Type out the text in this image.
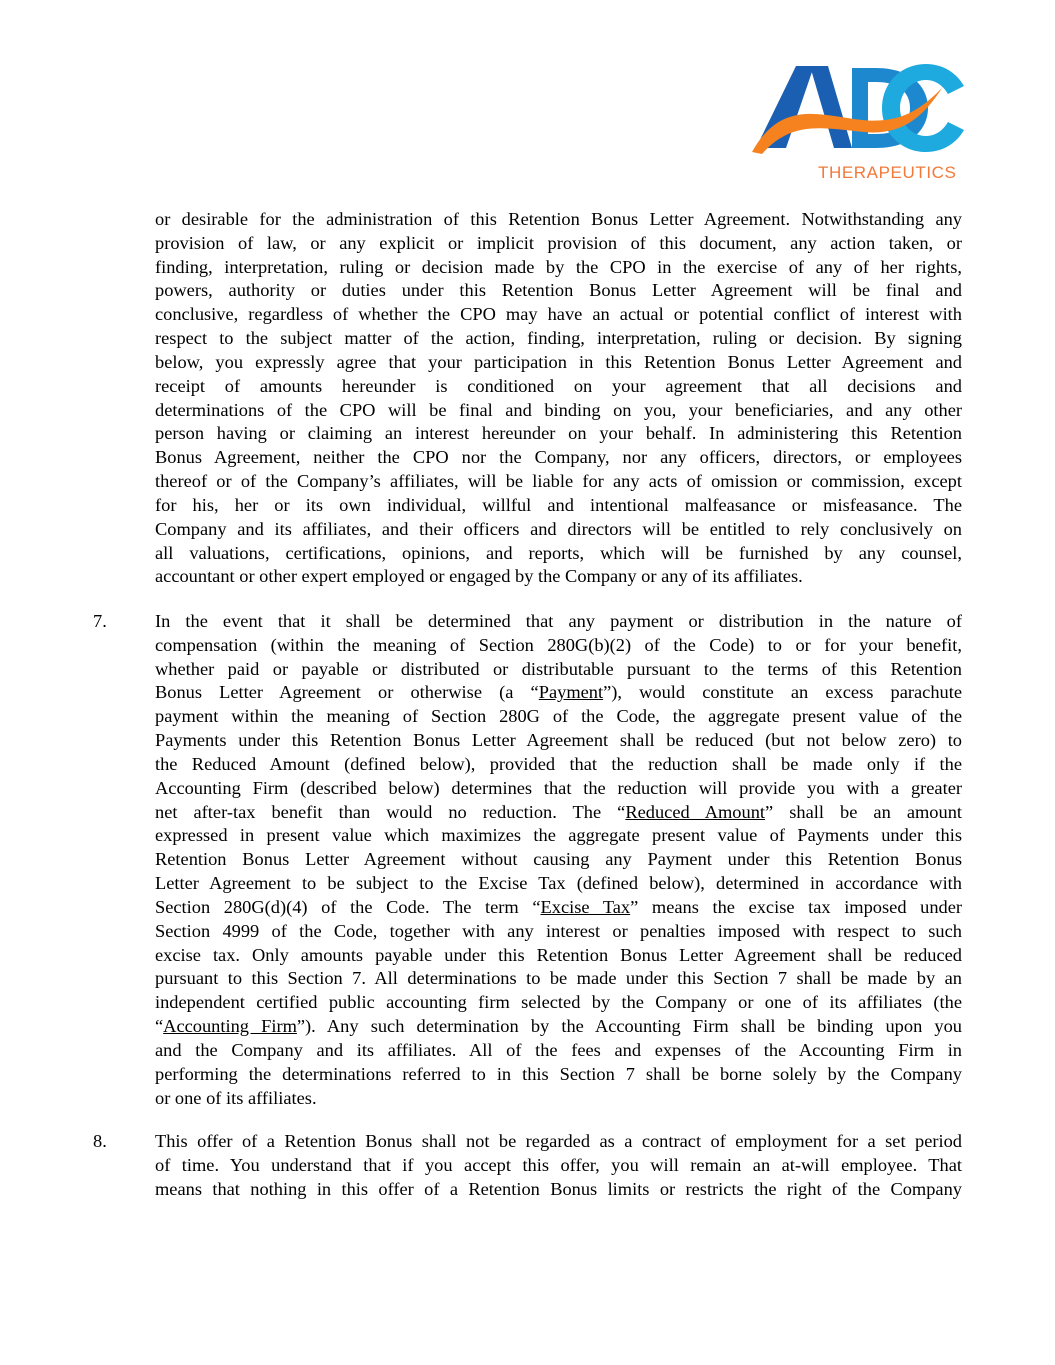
THERAPEUTICS
or desirable for the administration of this Retention Bonus Letter Agreement. Notwithstanding any
provision of law, or any explicit or implicit provision of this document, any action taken, or
finding, interpretation, ruling or decision made by the CPO in the exercise of any of her rights,
powers, authority or duties under this Retention Bonus Letter Agreement will be final and
conclusive, regardless of whether the CPO may have an actual or potential conflict of interest with
respect to the subject matter of the action, finding, interpretation, ruling or decision. By signing
below, you expressly agree that your participation in this Retention Bonus Letter Agreement and
receipt of amounts hereunder is conditioned on your agreement that all decisions and
determinations of the CPO will be final and binding on you, your beneficiaries, and any other
person having or claiming an interest hereunder on your behalf. In administering this Retention
Bonus Agreement, neither the CPO nor the Company, nor any officers, directors, or employees
thereof or of the Company’s affiliates, will be liable for any acts of omission or commission, except
for his, her or its own individual, willful and intentional malfeasance or misfeasance. The
Company and its affiliates, and their officers and directors will be entitled to rely conclusively on
all valuations, certifications, opinions, and reports, which will be furnished by any counsel,
accountant or other expert employed or engaged by the Company or any of its affiliates.
7.	In the event that it shall be determined that any payment or distribution in the nature of
compensation (within the meaning of Section 280G(b)(2) of the Code) to or for your benefit,
whether paid or payable or distributed or distributable pursuant to the terms of this Retention
Bonus Letter Agreement or otherwise (a “Payment”), would constitute an excess parachute
payment within the meaning of Section 280G of the Code, the aggregate present value of the
Payments under this Retention Bonus Letter Agreement shall be reduced (but not below zero) to
the Reduced Amount (defined below), provided that the reduction shall be made only if the
Accounting Firm (described below) determines that the reduction will provide you with a greater
net after-tax benefit than would no reduction. The “Reduced Amount” shall be an amount
expressed in present value which maximizes the aggregate present value of Payments under this
Retention Bonus Letter Agreement without causing any Payment under this Retention Bonus
Letter Agreement to be subject to the Excise Tax (defined below), determined in accordance with
Section 280G(d)(4) of the Code. The term “Excise Tax” means the excise tax imposed under
Section 4999 of the Code, together with any interest or penalties imposed with respect to such
excise tax. Only amounts payable under this Retention Bonus Letter Agreement shall be reduced
pursuant to this Section 7. All determinations to be made under this Section 7 shall be made by an
independent certified public accounting firm selected by the Company or one of its affiliates (the
“Accounting Firm”). Any such determination by the Accounting Firm shall be binding upon you
and the Company and its affiliates. All of the fees and expenses of the Accounting Firm in
performing the determinations referred to in this Section 7 shall be borne solely by the Company
or one of its affiliates.
8.	This offer of a Retention Bonus shall not be regarded as a contract of employment for a set period
of time. You understand that if you accept this offer, you will remain an at-will employee. That
means that nothing in this offer of a Retention Bonus limits or restricts the right of the Company
